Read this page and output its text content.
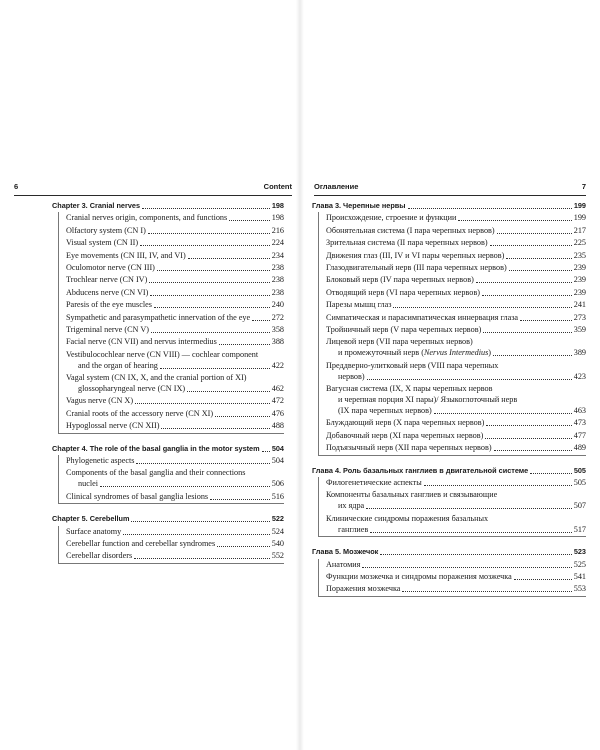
6	Content
Chapter 3. Cranial nerves	198
Cranial nerves origin, components, and functions	198
Olfactory system (CN I)	216
Visual system (CN II)	224
Eye movements (CN III, IV, and VI)	234
Oculomotor nerve (CN III)	238
Trochlear nerve (CN IV)	238
Abducens nerve (CN VI)	238
Paresis of the eye muscles	240
Sympathetic and parasympathetic innervation of the eye	272
Trigeminal nerve (CN V)	358
Facial nerve (CN VII) and nervus intermedius	388
Vestibulocochlear nerve (CN VIII) — cochlear component
and the organ of hearing	422
Vagal system (CN IX, X, and the cranial portion of XI)
glossopharyngeal nerve (CN IX)	462
Vagus nerve (CN X)	472
Cranial roots of the accessory nerve (CN XI)	476
Hypoglossal nerve (CN XII)	488
Chapter 4. The role of the basal ganglia in the motor system 504
Phylogenetic aspects	504
Components of the basal ganglia and their connections
nuclei	506
Clinical syndromes of basal ganglia lesions	516
Chapter 5. Cerebellum	522
Surface anatomy	524
Cerebellar function and cerebellar syndromes	540
Cerebellar disorders	552
Оглавление	7
Глава 3. Черепные нервы	199
Происхождение, строение и функции	199
Обонятельная система (I пара черепных нервов)	217
Зрительная система (II пара черепных нервов)	225
Движения глаз (III, IV и VI пары черепных нервов)	235
Глазодвигательный нерв (III пара черепных нервов)	239
Блоковый нерв (IV пара черепных нервов)	239
Отводящий нерв (VI пара черепных нервов)	239
Парезы мышц глаз	241
Симпатическая и парасимпатическая иннервация глаза	273
Тройничный нерв (V пара черепных нервов)	359
Лицевой нерв (VII пара черепных нервов)
и промежуточный нерв (Nervus Intermedius)	389
Преддверно-улитковый нерв (VIII пара черепных
нервов)	423
Вагусная система (IX, X пары черепных нервов
и черепная порция XI пары)/ Языкоглоточный нерв
(IX пара черепных нервов)	463
Блуждающий нерв (X пара черепных нервов)	473
Добавочный нерв (XI пара черепных нервов)	477
Подъязычный нерв (XII пара черепных нервов)	489
Глава 4. Роль базальных ганглиев в двигательной системе	505
Филогенетические аспекты	505
Компоненты базальных ганглиев и связывающие
их ядра	507
Клинические синдромы поражения базальных
ганглиев	517
Глава 5. Мозжечок	523
Анатомия	525
Функции мозжечка и синдромы поражения мозжечка	541
Поражения мозжечка	553
